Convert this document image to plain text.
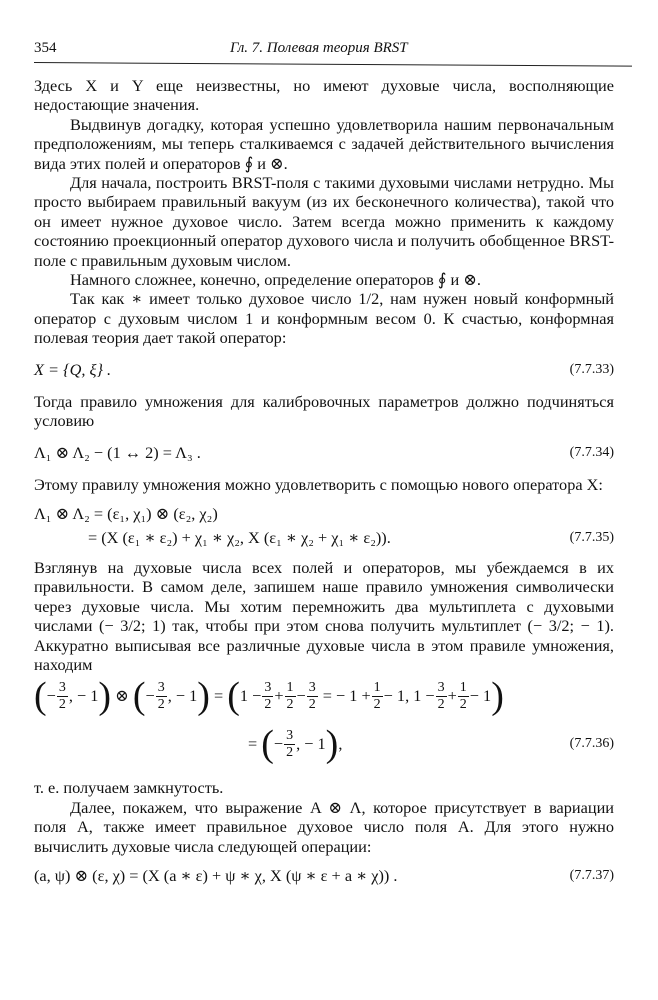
354	Гл. 7. Полевая теория BRST

Здесь X и Y еще неизвестны, но имеют духовые числа, восполняющие недостающие значения.

Выдвинув догадку, которая успешно удовлетворила нашим первоначальным предположениям, мы теперь сталкиваемся с задачей действительного вычисления вида этих полей и операторов ∮ и ⊗.

Для начала, построить BRST-поля с такими духовыми числами нетрудно. Мы просто выбираем правильный вакуум (из их бесконечного количества), такой что он имеет нужное духовое число. Затем всегда можно применить к каждому состоянию проекционный оператор духового числа и получить обобщенное BRST-поле с правильным духовым числом.

Намного сложнее, конечно, определение операторов ∮ и ⊗.

Так как ∗ имеет только духовое число 1/2, нам нужен новый конформный оператор с духовым числом 1 и конформным весом 0. К счастью, конформная полевая теория дает такой оператор:

X = {Q, ξ} .	(7.7.33)

Тогда правило умножения для калибровочных параметров должно подчиняться условию

Λ₁ ⊗ Λ₂ − (1 ↔ 2) = Λ₃ .	(7.7.34)

Этому правилу умножения можно удовлетворить с помощью нового оператора X:

Λ₁ ⊗ Λ₂ = (ε₁, χ₁) ⊗ (ε₂, χ₂)
= (X (ε₁ ∗ ε₂) + χ₁ ∗ χ₂, X (ε₁ ∗ χ₂ + χ₁ ∗ ε₂)).	(7.7.35)

Взглянув на духовые числа всех полей и операторов, мы убеждаемся в их правильности. В самом деле, запишем наше правило умножения символически через духовые числа. Мы хотим перемножить два мультиплета с духовыми числами (− 3/2; 1) так, чтобы при этом снова получить мультиплет (− 3/2; − 1). Аккуратно выписывая все различные духовые числа в этом правиле умножения, находим

(− $\frac{3}{2}$ , − 1) ⊗ (− $\frac{3}{2}$ , − $1) = (1 - \frac{3}{2} + \frac{1}{2} - \frac{3}{2}$ = − $1 + \frac{1}{2} - 1$, $1 - \frac{3}{2} + \frac{1}{2} - 1$)
= (− $\frac{3}{2}$ , − 1),	(7.7.36)

т. е. получаем замкнутость.

Далее, покажем, что выражение A ⊗ Λ, которое присутствует в вариации поля A, также имеет правильное духовое число поля A. Для этого нужно вычислить духовые числа следующей операции:

(a, ψ) ⊗ (ε, χ) = (X (a ∗ ε) + ψ ∗ χ, X (ψ ∗ ε + a ∗ χ)) .	(7.7.37)
